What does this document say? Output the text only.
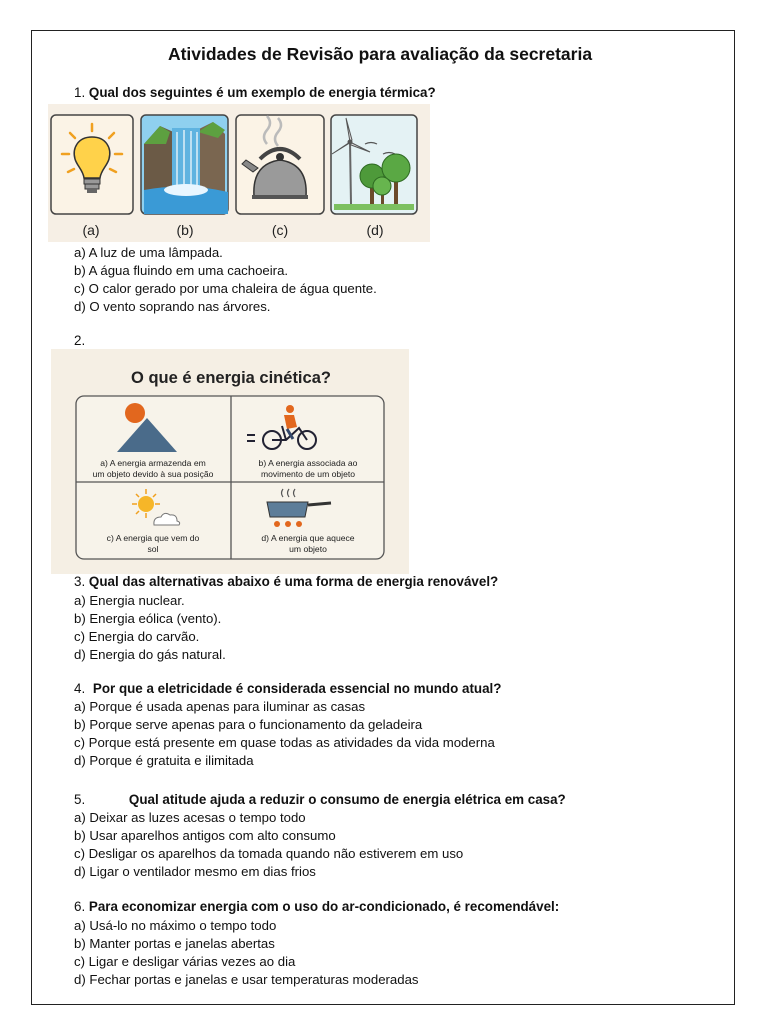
Atividades de Revisão para avaliação da secretaria
1. Qual dos seguintes é um exemplo de energia térmica?
(a)	(b)	(c)	(d)
a) A luz de uma lâmpada.
b) A água fluindo em uma cachoeira.
c) O calor gerado por uma chaleira de água quente.
d) O vento soprando nas árvores.
2.
O que é energia cinética?
a) A energia armazenda em
um objeto devido à sua posição
b) A energia associada ao
movimento de um objeto
c) A energia que vem do
sol
d) A energia que aquece
um objeto
3. Qual das alternativas abaixo é uma forma de energia renovável?
a) Energia nuclear.
b) Energia eólica (vento).
c) Energia do carvão.
d) Energia do gás natural.
4. Por que a eletricidade é considerada essencial no mundo atual?
a) Porque é usada apenas para iluminar as casas
b) Porque serve apenas para o funcionamento da geladeira
c) Porque está presente em quase todas as atividades da vida moderna
d) Porque é gratuita e ilimitada
5.	Qual atitude ajuda a reduzir o consumo de energia elétrica em casa?
a) Deixar as luzes acesas o tempo todo
b) Usar aparelhos antigos com alto consumo
c) Desligar os aparelhos da tomada quando não estiverem em uso
d) Ligar o ventilador mesmo em dias frios
6. Para economizar energia com o uso do ar-condicionado, é recomendável:
a) Usá-lo no máximo o tempo todo
b) Manter portas e janelas abertas
c) Ligar e desligar várias vezes ao dia
d) Fechar portas e janelas e usar temperaturas moderadas
